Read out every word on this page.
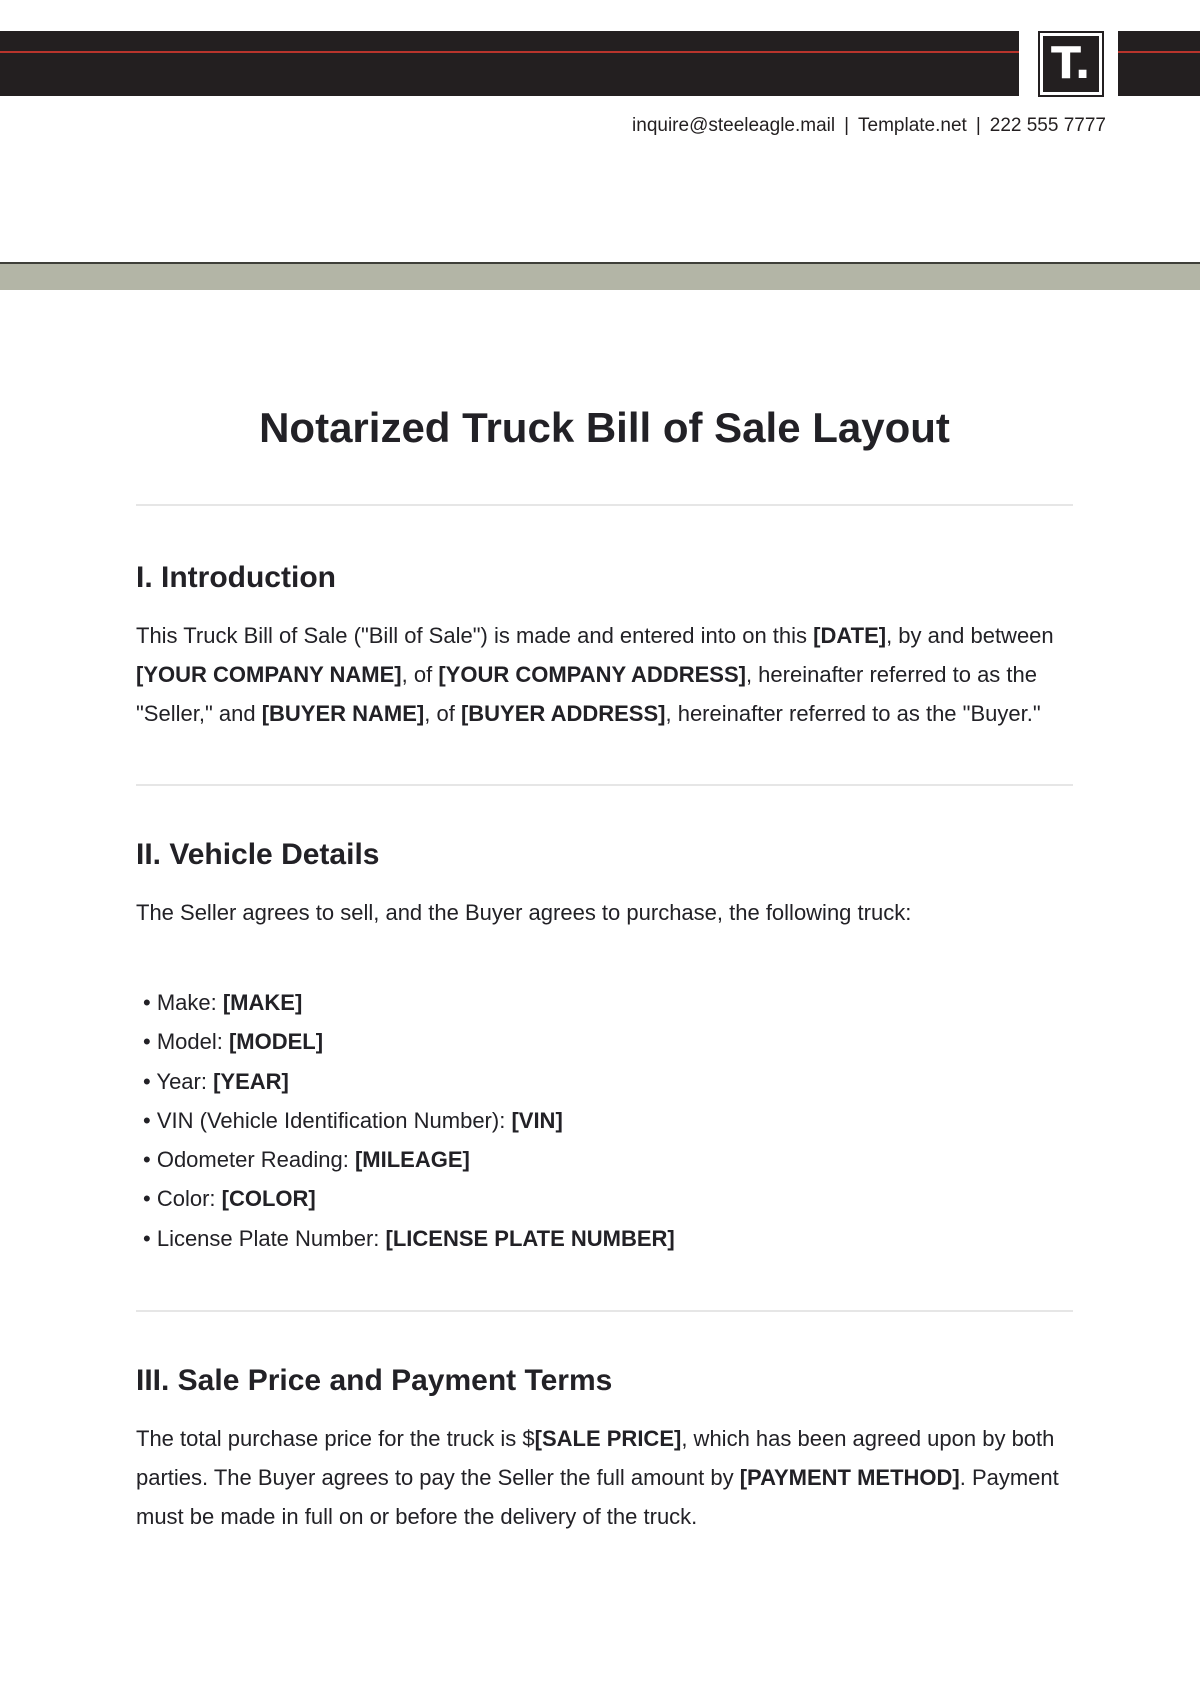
T.
inquire@steeleagle.mail | Template.net | 222 555 7777
Notarized Truck Bill of Sale Layout
I. Introduction

This Truck Bill of Sale ("Bill of Sale") is made and entered into on this [DATE], by and between [YOUR COMPANY NAME], of [YOUR COMPANY ADDRESS], hereinafter referred to as the "Seller," and [BUYER NAME], of [BUYER ADDRESS], hereinafter referred to as the "Buyer."

II. Vehicle Details

The Seller agrees to sell, and the Buyer agrees to purchase, the following truck:

• Make: [MAKE]
• Model: [MODEL]
• Year: [YEAR]
• VIN (Vehicle Identification Number): [VIN]
• Odometer Reading: [MILEAGE]
• Color: [COLOR]
• License Plate Number: [LICENSE PLATE NUMBER]
III. Sale Price and Payment Terms

The total purchase price for the truck is $[SALE PRICE], which has been agreed upon by both parties. The Buyer agrees to pay the Seller the full amount by [PAYMENT METHOD]. Payment must be made in full on or before the delivery of the truck.
